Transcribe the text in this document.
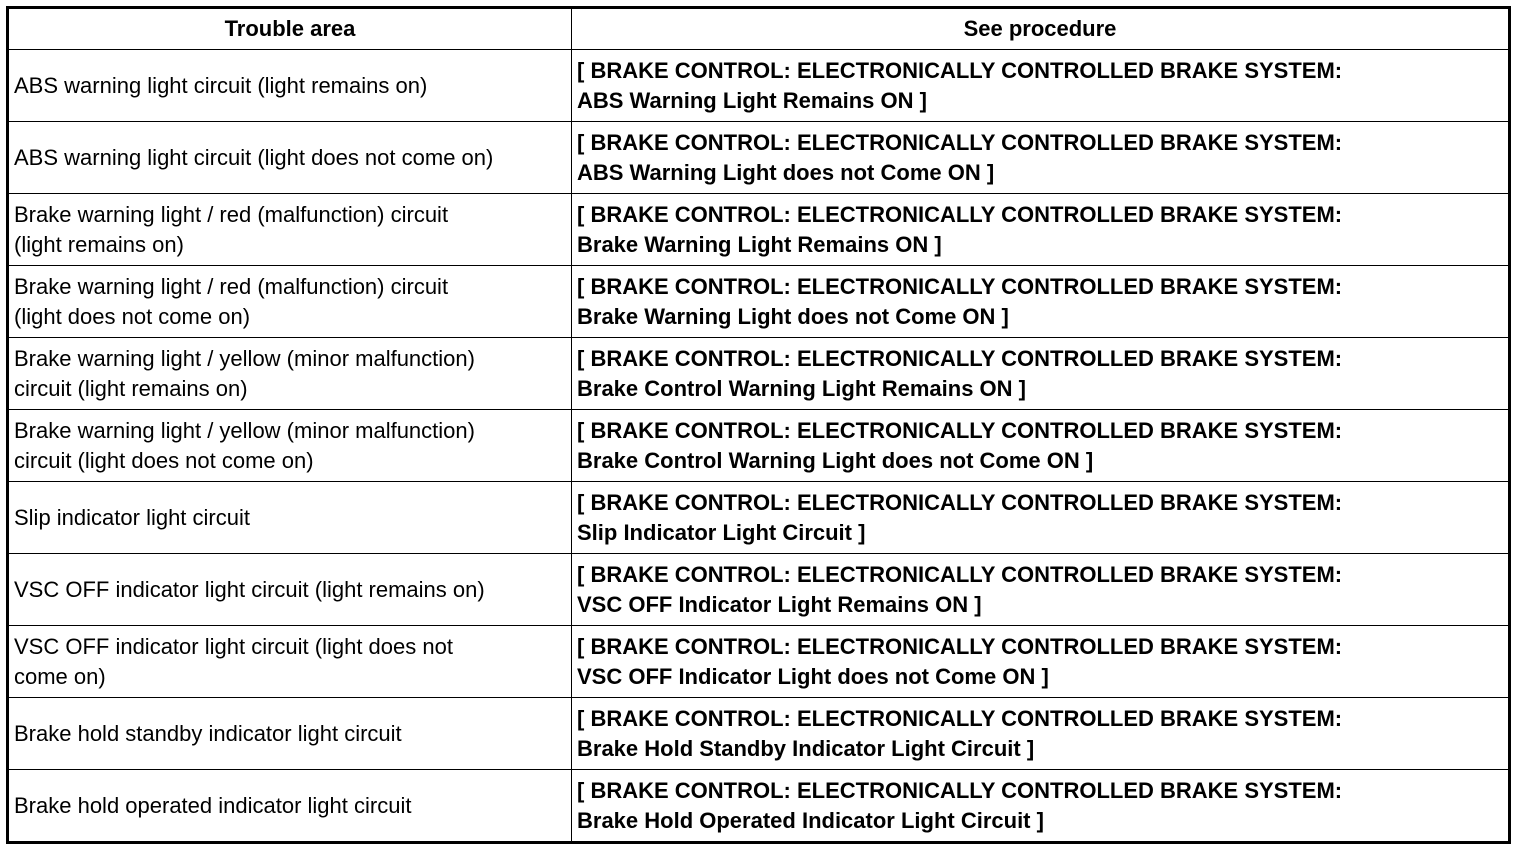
Trouble area	See procedure

ABS warning light circuit (light remains on)	[ BRAKE CONTROL: ELECTRONICALLY CONTROLLED BRAKE SYSTEM:
ABS Warning Light Remains ON ]

ABS warning light circuit (light does not come on)	[ BRAKE CONTROL: ELECTRONICALLY CONTROLLED BRAKE SYSTEM:
ABS Warning Light does not Come ON ]

Brake warning light / red (malfunction) circuit
(light remains on)	[ BRAKE CONTROL: ELECTRONICALLY CONTROLLED BRAKE SYSTEM:
Brake Warning Light Remains ON ]

Brake warning light / red (malfunction) circuit
(light does not come on)	[ BRAKE CONTROL: ELECTRONICALLY CONTROLLED BRAKE SYSTEM:
Brake Warning Light does not Come ON ]

Brake warning light / yellow (minor malfunction)
circuit (light remains on)	[ BRAKE CONTROL: ELECTRONICALLY CONTROLLED BRAKE SYSTEM:
Brake Control Warning Light Remains ON ]

Brake warning light / yellow (minor malfunction)
circuit (light does not come on)	[ BRAKE CONTROL: ELECTRONICALLY CONTROLLED BRAKE SYSTEM:
Brake Control Warning Light does not Come ON ]

Slip indicator light circuit	[ BRAKE CONTROL: ELECTRONICALLY CONTROLLED BRAKE SYSTEM:
Slip Indicator Light Circuit ]

VSC OFF indicator light circuit (light remains on)	[ BRAKE CONTROL: ELECTRONICALLY CONTROLLED BRAKE SYSTEM:
VSC OFF Indicator Light Remains ON ]

VSC OFF indicator light circuit (light does not
come on)	[ BRAKE CONTROL: ELECTRONICALLY CONTROLLED BRAKE SYSTEM:
VSC OFF Indicator Light does not Come ON ]

Brake hold standby indicator light circuit	[ BRAKE CONTROL: ELECTRONICALLY CONTROLLED BRAKE SYSTEM:
Brake Hold Standby Indicator Light Circuit ]

Brake hold operated indicator light circuit	[ BRAKE CONTROL: ELECTRONICALLY CONTROLLED BRAKE SYSTEM:
Brake Hold Operated Indicator Light Circuit ]
